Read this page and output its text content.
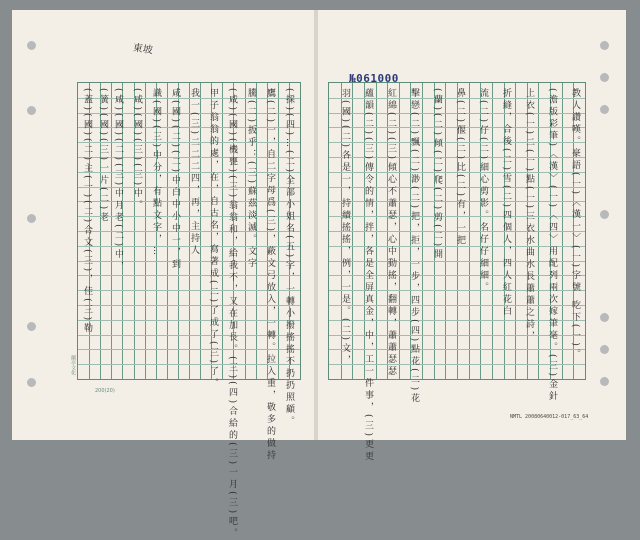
№061000
東坡
200(20)
蘭亭文化
NMTL 20080640012-017_63_64
教人讚嘆。豪語(一)〈漢一〉(一)字號 吃下(一)。
(澹版彩筆)〈漢〉(一)〈四〉用配列兩次嫁筆毫。(三)金針
上衣(一)二(一)點(一)三衣水曲水長蕭蕭之詩，
折縫，合後(二)雪(二)四個人，四人紅花白
流(二)仔(二)細心剪影。名仔仔細細。
鼻(二)偃(二)比(二)有，一把
(蘭)(二)傾(二)爬(二)剪(二)開
擊戀(二)飄(二)渺(二)把，拒，一步，四步(四)點花(二)花
紅綿(二)(三)傾心不蕭瑟，心中動搖，翻轉，蕭蕭瑟瑟
蘊韻(二)(三)傳令的情，拌，各是全屏真金，中，工一件事，(三)更更
羽(國)(二)各是一，持續搖搖，例，一是。(二)文，
(採)(四)…(二)全部小姐名(五)字，一轉小撥搖搖不扔扔照顧。
鷹(二)一，自二字母爲(三)，蔽文弓放入，一轉。拉入重，敬多的做持
騰(二)扳乎：(三)蘇茲淡滅。文字
(咸)(國)(機甕)(三)翁翁和，給我不，又在加長。(三)(四)合給的(三)一月(三)吧。
甲子翁翁的處，在，自古名，寫著成(二)了成了(三)了。
我一(三)二二二四，再，主持人
咸(國)(二)(二)中白中小中一，到
識(國)(三)中分，有點文字，…
(咸)(國)(三)(三)中。
(咸)(國)(二)(三)中月老(二)中，
(簧)(國)(三)一片(二)老
(蓋)(國)(二)主(一)(二)合文(三)，佳(三)勒
